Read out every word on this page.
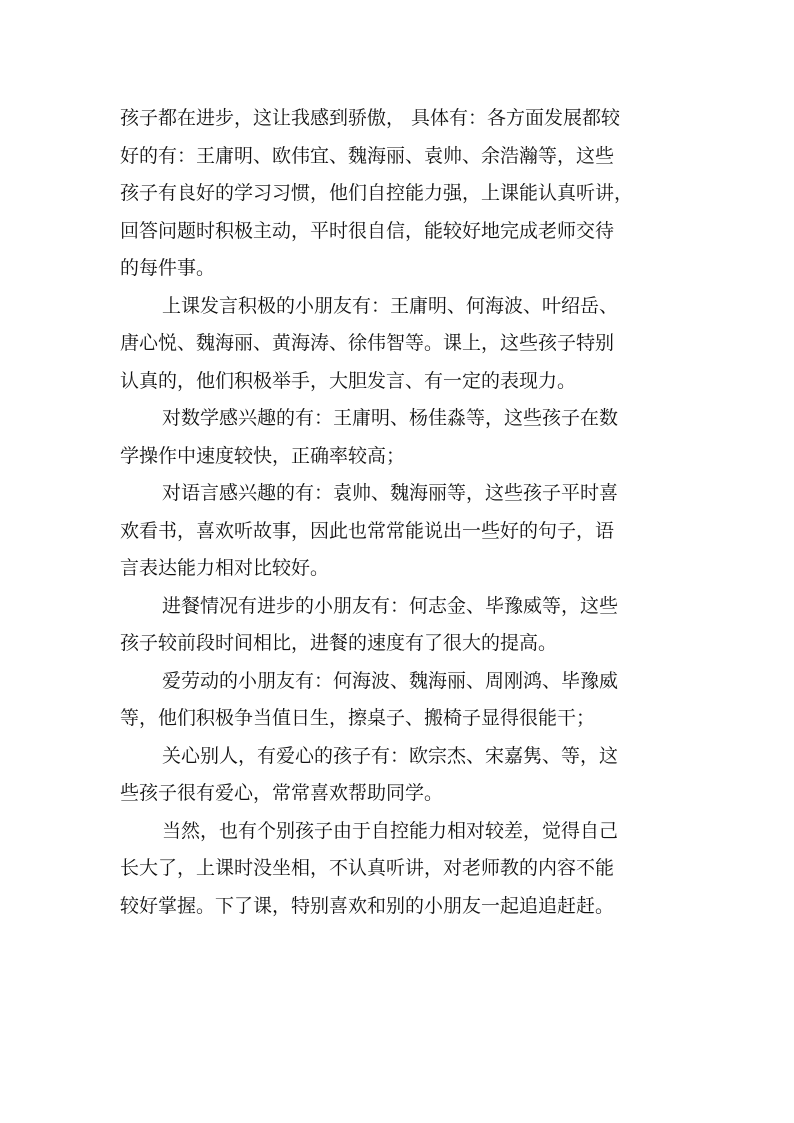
孩子都在进步，这让我感到骄傲， 具体有：各方面发展都较
好的有：王庸明、欧伟宜、魏海丽、袁帅、余浩瀚等，这些
孩子有良好的学习习惯，他们自控能力强，上课能认真听讲，
回答问题时积极主动，平时很自信，能较好地完成老师交待
的每件事。
上课发言积极的小朋友有：王庸明、何海波、叶绍岳、
唐心悦、魏海丽、黄海涛、徐伟智等。课上，这些孩子特别
认真的，他们积极举手，大胆发言、有一定的表现力。
对数学感兴趣的有：王庸明、杨佳淼等，这些孩子在数
学操作中速度较快，正确率较高；
对语言感兴趣的有：袁帅、魏海丽等，这些孩子平时喜
欢看书，喜欢听故事，因此也常常能说出一些好的句子，语
言表达能力相对比较好。
进餐情况有进步的小朋友有：何志金、毕豫威等，这些
孩子较前段时间相比，进餐的速度有了很大的提高。
爱劳动的小朋友有：何海波、魏海丽、周刚鸿、毕豫威
等，他们积极争当值日生，擦桌子、搬椅子显得很能干；
关心别人，有爱心的孩子有：欧宗杰、宋嘉隽、等，这
些孩子很有爱心，常常喜欢帮助同学。
当然，也有个别孩子由于自控能力相对较差，觉得自己
长大了，上课时没坐相，不认真听讲，对老师教的内容不能
较好掌握。下了课，特别喜欢和别的小朋友一起追追赶赶。
